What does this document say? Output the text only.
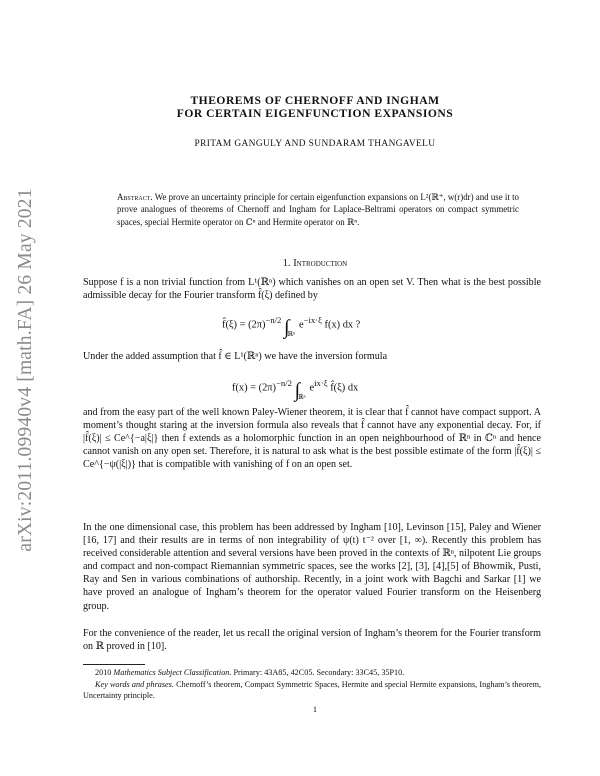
arXiv:2011.09940v4 [math.FA] 26 May 2021
THEOREMS OF CHERNOFF AND INGHAM
FOR CERTAIN EIGENFUNCTION EXPANSIONS
PRITAM GANGULY AND SUNDARAM THANGAVELU
Abstract. We prove an uncertainty principle for certain eigenfunction expansions on L²(ℝ⁺, w(r)dr) and use it to prove analogues of theorems of Chernoff and Ingham for Laplace-Beltrami operators on compact symmetric spaces, special Hermite operator on ℂⁿ and Hermite operator on ℝⁿ.
1. Introduction
Suppose f is a non trivial function from L¹(ℝⁿ) which vanishes on an open set V. Then what is the best possible admissible decay for the Fourier transform f̂(ξ) defined by
f̂(ξ) = $(2\pi)^{-n/2}$ $\int_{ℝ^n}e^{-ix\cdot\xi}$ f(x) dx ?
Under the added assumption that f̂ ∈ L¹(ℝⁿ) we have the inversion formula
$f(x) = (2\pi)^{-n/2}$ $\int_{ℝ^n}e^{ix\cdot\xi}$ f̂(ξ) dx
and from the easy part of the well known Paley-Wiener theorem, it is clear that f̂ cannot have compact support. A moment’s thought staring at the inversion formula also reveals that f̂ cannot have any exponential decay. For, if |f̂(ξ)| ≤ Ce^{−a|ξ|} then f extends as a holomorphic function in an open neighbourhood of ℝⁿ in ℂⁿ and hence cannot vanish on any open set. Therefore, it is natural to ask what is the best possible estimate of the form |f̂(ξ)| ≤ Ce^{−ψ(|ξ|)} that is compatible with vanishing of f on an open set.
In the one dimensional case, this problem has been addressed by Ingham [10], Levinson [15], Paley and Wiener [16, 17] and their results are in terms of non integrability of ψ(t) t⁻² over [1, ∞). Recently this problem has received considerable attention and several versions have been proved in the contexts of ℝⁿ, nilpotent Lie groups and compact and non-compact Riemannian symmetric spaces, see the works [2], [3], [4],[5] of Bhowmik, Pusti, Ray and Sen in various combinations of authorship. Recently, in a joint work with Bagchi and Sarkar [1] we have proved an analogue of Ingham’s theorem for the operator valued Fourier transform on the Heisenberg group.
For the convenience of the reader, let us recall the original version of Ingham’s theorem for the Fourier transform on ℝ proved in [10].
2010 Mathematics Subject Classification. Primary: 43A85, 42C05. Secondary: 33C45, 35P10.
Key words and phrases. Chernoff’s theorem, Compact Symmetric Spaces, Hermite and special Hermite expansions, Ingham’s theorem, Uncertainty principle.
1
